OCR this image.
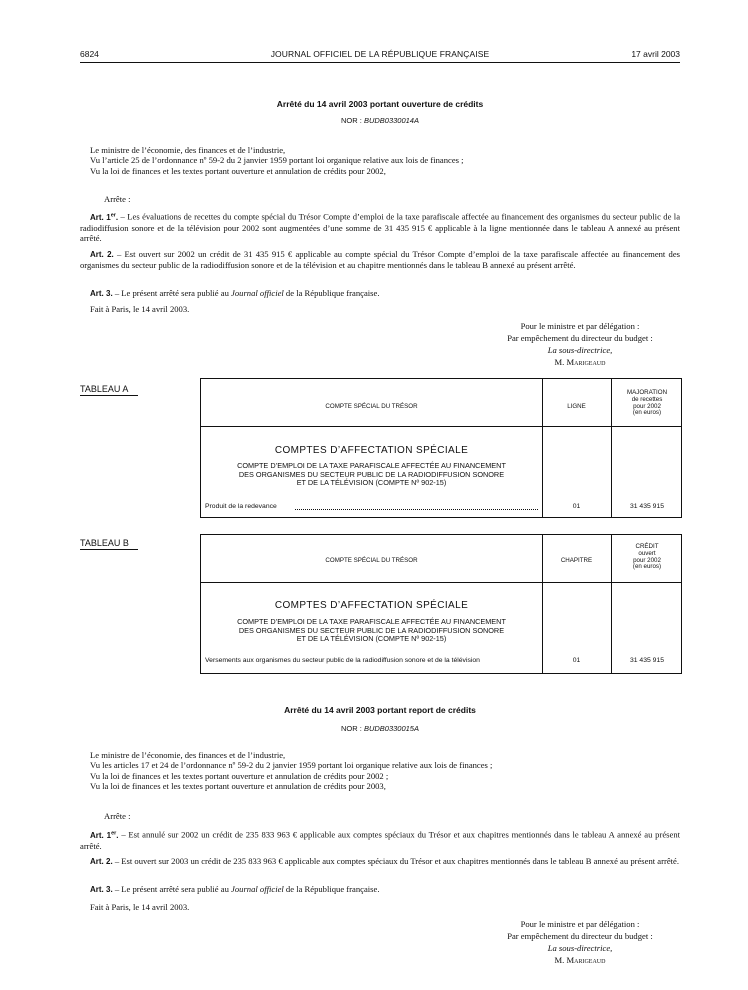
6824	JOURNAL OFFICIEL DE LA RÉPUBLIQUE FRANÇAISE	17 avril 2003
Arrêté du 14 avril 2003 portant ouverture de crédits
NOR : BUDB0330014A
Le ministre de l’économie, des finances et de l’industrie,
Vu l’article 25 de l’ordonnance nº 59-2 du 2 janvier 1959 portant loi organique relative aux lois de finances ;
Vu la loi de finances et les textes portant ouverture et annulation de crédits pour 2002,
Arrête :
Art. 1er. – Les évaluations de recettes du compte spécial du Trésor Compte d’emploi de la taxe parafiscale affectée au financement des organismes du secteur public de la radiodiffusion sonore et de la télévision pour 2002 sont augmentées d’une somme de 31 435 915 € applicable à la ligne mentionnée dans le tableau A annexé au présent arrêté.
Art. 2. – Est ouvert sur 2002 un crédit de 31 435 915 € applicable au compte spécial du Trésor Compte d’emploi de la taxe parafiscale affectée au financement des organismes du secteur public de la radiodiffusion sonore et de la télévision et au chapitre mentionnés dans le tableau B annexé au présent arrêté.
Art. 3. – Le présent arrêté sera publié au Journal officiel de la République française.
Fait à Paris, le 14 avril 2003.
Pour le ministre et par délégation :
Par empêchement du directeur du budget :
La sous-directrice,
M. Marigeaud
TABLEAU A
COMPTE SPÉCIAL DU TRÉSOR	LIGNE
MAJORATION
de recettes
pour 2002
(en euros)
COMPTES D’AFFECTATION SPÉCIALE
COMPTE D’EMPLOI DE LA TAXE PARAFISCALE AFFECTÉE AU FINANCEMENT
DES ORGANISMES DU SECTEUR PUBLIC DE LA RADIODIFFUSION SONORE
ET DE LA TÉLÉVISION (COMPTE Nº 902-15)
Produit de la redevance	01	31 435 915
TABLEAU B
COMPTE SPÉCIAL DU TRÉSOR	CHAPITRE
CRÉDIT
ouvert
pour 2002
(en euros)
COMPTES D’AFFECTATION SPÉCIALE
COMPTE D’EMPLOI DE LA TAXE PARAFISCALE AFFECTÉE AU FINANCEMENT
DES ORGANISMES DU SECTEUR PUBLIC DE LA RADIODIFFUSION SONORE
ET DE LA TÉLÉVISION (COMPTE Nº 902-15)
Versements aux organismes du secteur public de la radiodiffusion sonore et de la télévision	01	31 435 915
Arrêté du 14 avril 2003 portant report de crédits
NOR : BUDB0330015A
Le ministre de l’économie, des finances et de l’industrie,
Vu les articles 17 et 24 de l’ordonnance nº 59-2 du 2 janvier 1959 portant loi organique relative aux lois de finances ;
Vu la loi de finances et les textes portant ouverture et annulation de crédits pour 2002 ;
Vu la loi de finances et les textes portant ouverture et annulation de crédits pour 2003,
Arrête :
Art. 1er. – Est annulé sur 2002 un crédit de 235 833 963 € applicable aux comptes spéciaux du Trésor et aux chapitres mentionnés dans le tableau A annexé au présent arrêté.
Art. 2. – Est ouvert sur 2003 un crédit de 235 833 963 € applicable aux comptes spéciaux du Trésor et aux chapitres mentionnés dans le tableau B annexé au présent arrêté.
Art. 3. – Le présent arrêté sera publié au Journal officiel de la République française.
Fait à Paris, le 14 avril 2003.
Pour le ministre et par délégation :
Par empêchement du directeur du budget :
La sous-directrice,
M. Marigeaud
